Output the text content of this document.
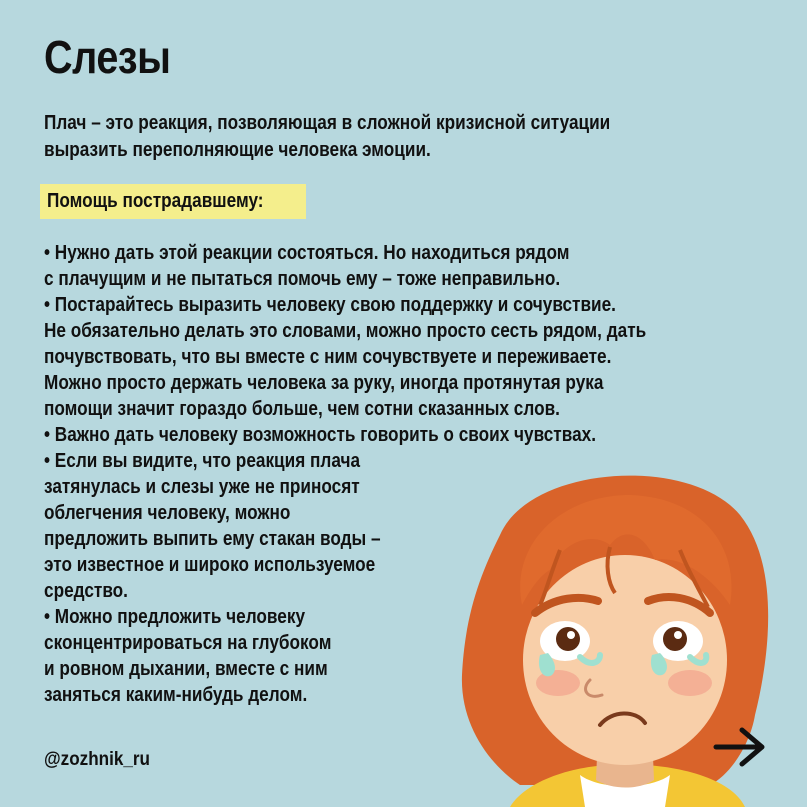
Слезы
Плач – это реакция, позволяющая в сложной кризисной ситуации
выразить переполняющие человека эмоции.
Помощь пострадавшему:
• Нужно дать этой реакции состояться. Но находиться рядом
с плачущим и не пытаться помочь ему – тоже неправильно.
• Постарайтесь выразить человеку свою поддержку и сочувствие.
Не обязательно делать это словами, можно просто сесть рядом, дать
почувствовать, что вы вместе с ним сочувствуете и переживаете.
Можно просто держать человека за руку, иногда протянутая рука
помощи значит гораздо больше, чем сотни сказанных слов.
• Важно дать человеку возможность говорить о своих чувствах.
• Если вы видите, что реакция плача
затянулась и слезы уже не приносят
облегчения человеку, можно
предложить выпить ему стакан воды –
это известное и широко используемое
средство.
• Можно предложить человеку
сконцентрироваться на глубоком
и ровном дыхании, вместе с ним
заняться каким-нибудь делом.
@zozhnik_ru
